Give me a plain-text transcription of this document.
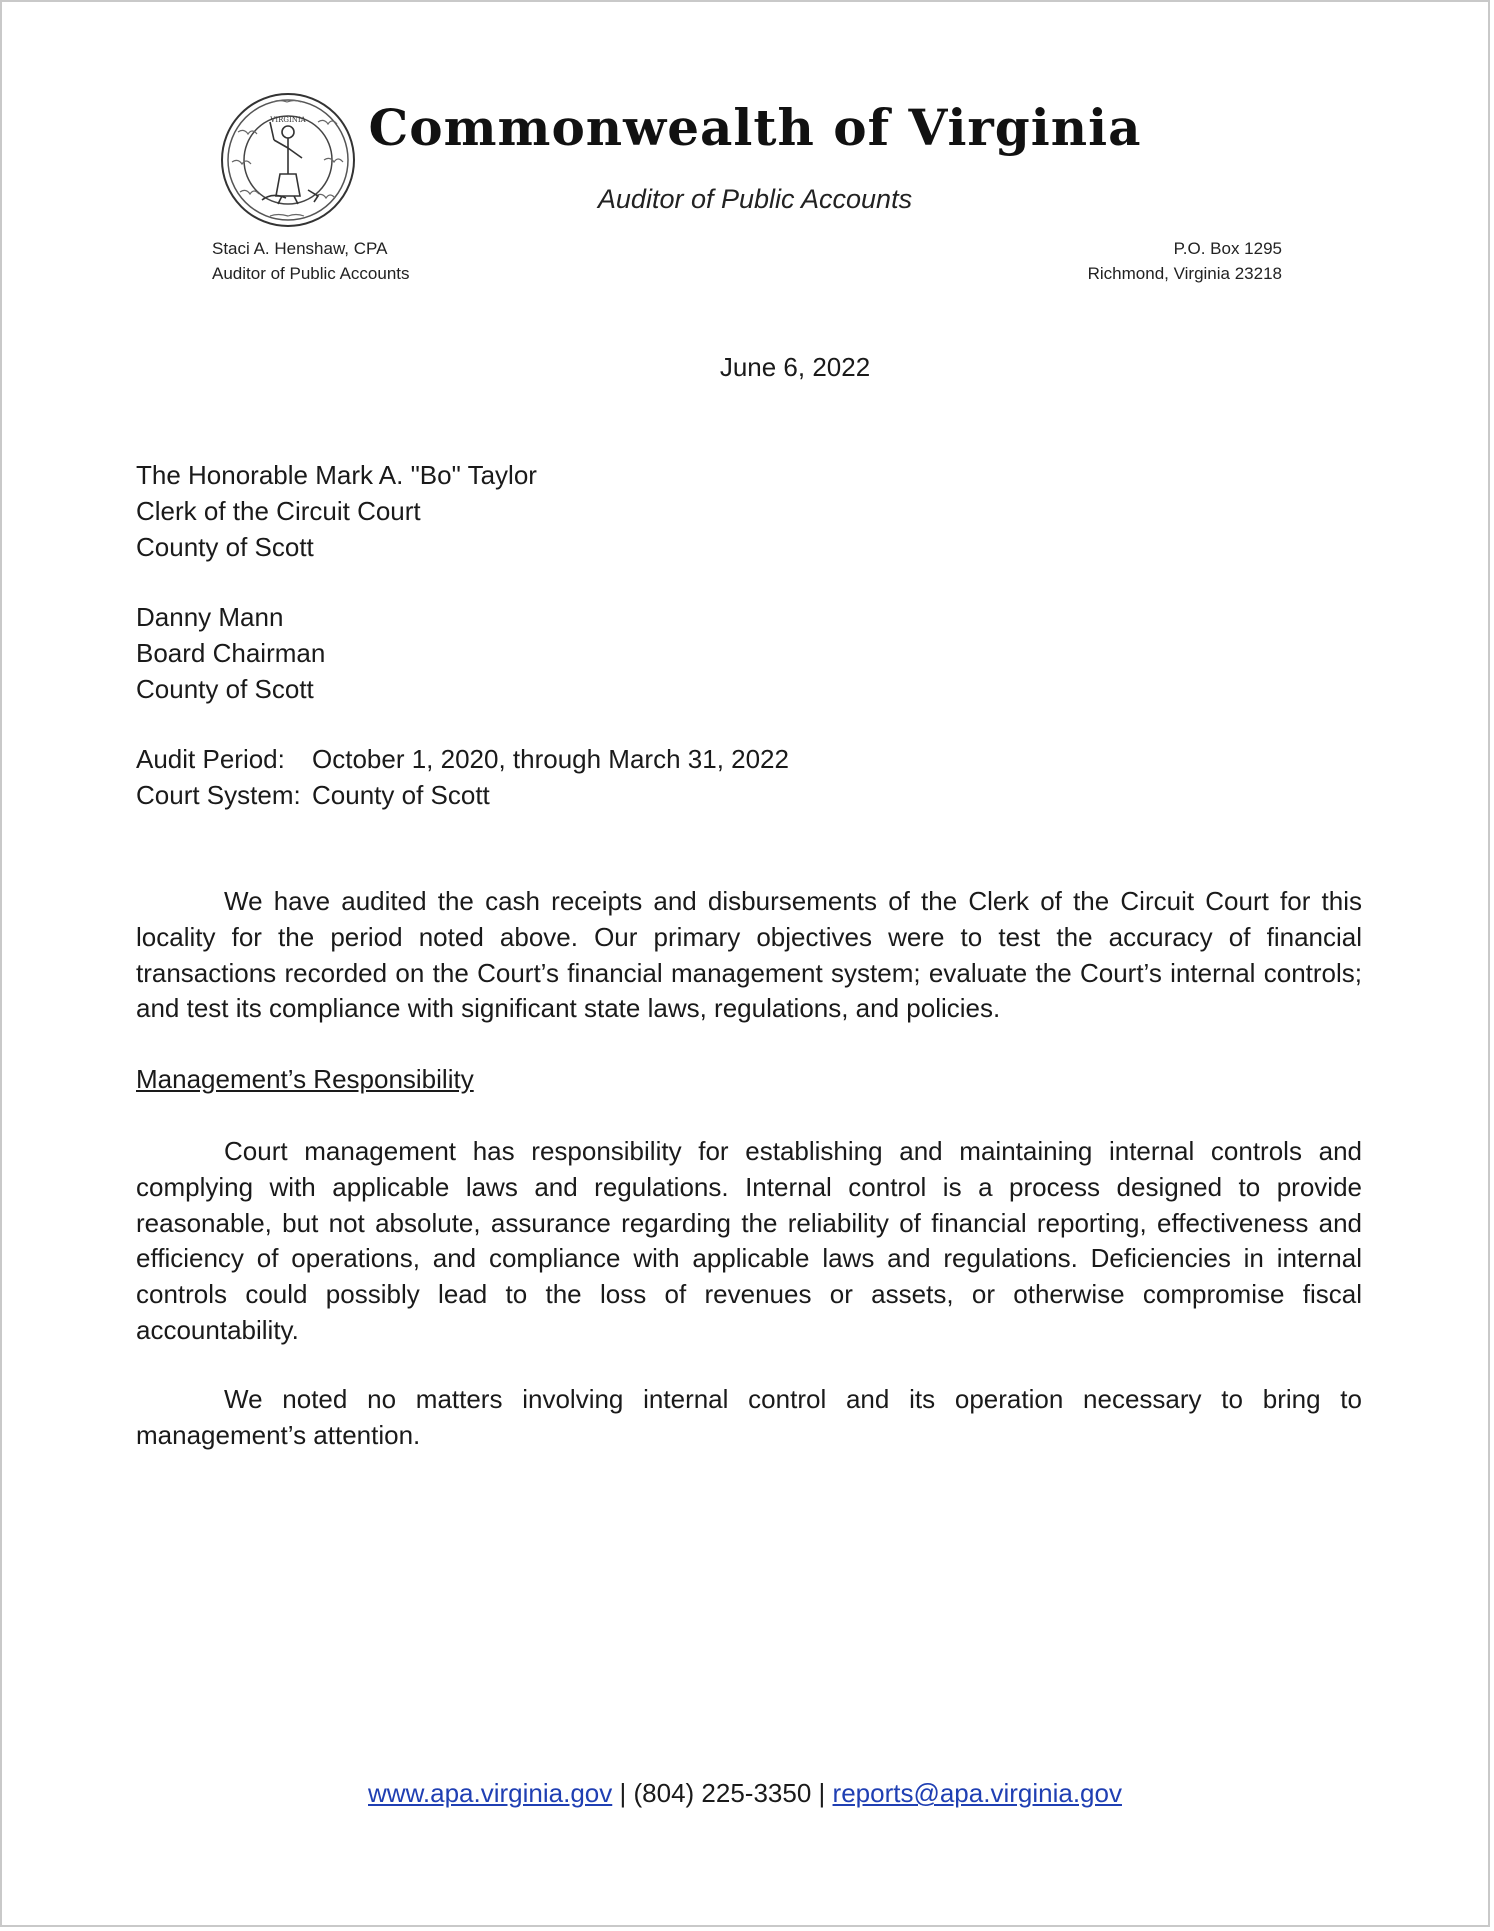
VIRGINIA	Commonwealth of Virginia
Auditor of Public Accounts
Staci A. Henshaw, CPA
Auditor of Public Accounts
P.O. Box 1295
Richmond, Virginia 23218
June 6, 2022
The Honorable Mark A. "Bo" Taylor
Clerk of the Circuit Court
County of Scott
Danny Mann
Board Chairman
County of Scott
Audit Period:	October 1, 2020, through March 31, 2022
Court System: County of Scott

We have audited the cash receipts and disbursements of the Clerk of the Circuit Court for this locality for the period noted above. Our primary objectives were to test the accuracy of financial transactions recorded on the Court’s financial management system; evaluate the Court’s internal controls; and test its compliance with significant state laws, regulations, and policies.

Management’s Responsibility

Court management has responsibility for establishing and maintaining internal controls and complying with applicable laws and regulations. Internal control is a process designed to provide reasonable, but not absolute, assurance regarding the reliability of financial reporting, effectiveness and efficiency of operations, and compliance with applicable laws and regulations. Deficiencies in internal controls could possibly lead to the loss of revenues or assets, or otherwise compromise fiscal accountability.

We noted no matters involving internal control and its operation necessary to bring to management’s attention.

www.apa.virginia.gov | (804) 225-3350 | reports@apa.virginia.gov
